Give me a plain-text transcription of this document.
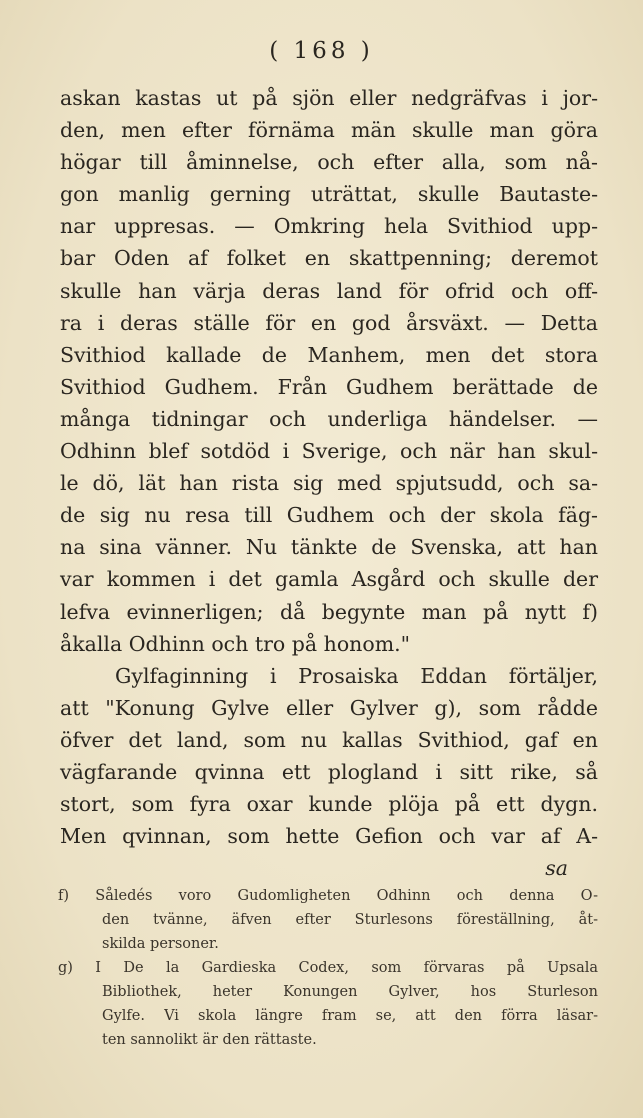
( 168 )
askan kastas ut på sjön eller nedgräfvas i jor-
den, men efter förnäma män skulle man göra
högar till åminnelse, och efter alla, som nå-
gon manlig gerning uträttat, skulle Bautaste-
nar uppresas. — Omkring hela Svithiod upp-
bar Oden af folket en skattpenning; deremot
skulle han värja deras land för ofrid och off-
ra i deras ställe för en god årsväxt. — Detta
Svithiod kallade de Manhem, men det stora
Svithiod Gudhem. Från Gudhem berättade de
många tidningar och underliga händelser. —
Odhinn blef sotdöd i Sverige, och när han skul-
le dö, lät han rista sig med spjutsudd, och sa-
de sig nu resa till Gudhem och der skola fäg-
na sina vänner. Nu tänkte de Svenska, att han
var kommen i det gamla Asgård och skulle der
lefva evinnerligen; då begynte man på nytt f)
åkalla Odhinn och tro på honom."
Gylfaginning i Prosaiska Eddan förtäljer,
att "Konung Gylve eller Gylver g), som rådde
öfver det land, som nu kallas Svithiod, gaf en
vägfarande qvinna ett plogland i sitt rike, så
stort, som fyra oxar kunde plöja på ett dygn.
Men qvinnan, som hette Gefion och var af A-
sa
f) Såledés voro Gudomligheten Odhinn och denna O-
den tvänne, äfven efter Sturlesons föreställning, åt-
skilda personer.
g) I De la Gardieska Codex, som förvaras på Upsala
Bibliothek, heter Konungen Gylver, hos Sturleson
Gylfe. Vi skola längre fram se, att den förra läsar-
ten sannolikt är den rättaste.
